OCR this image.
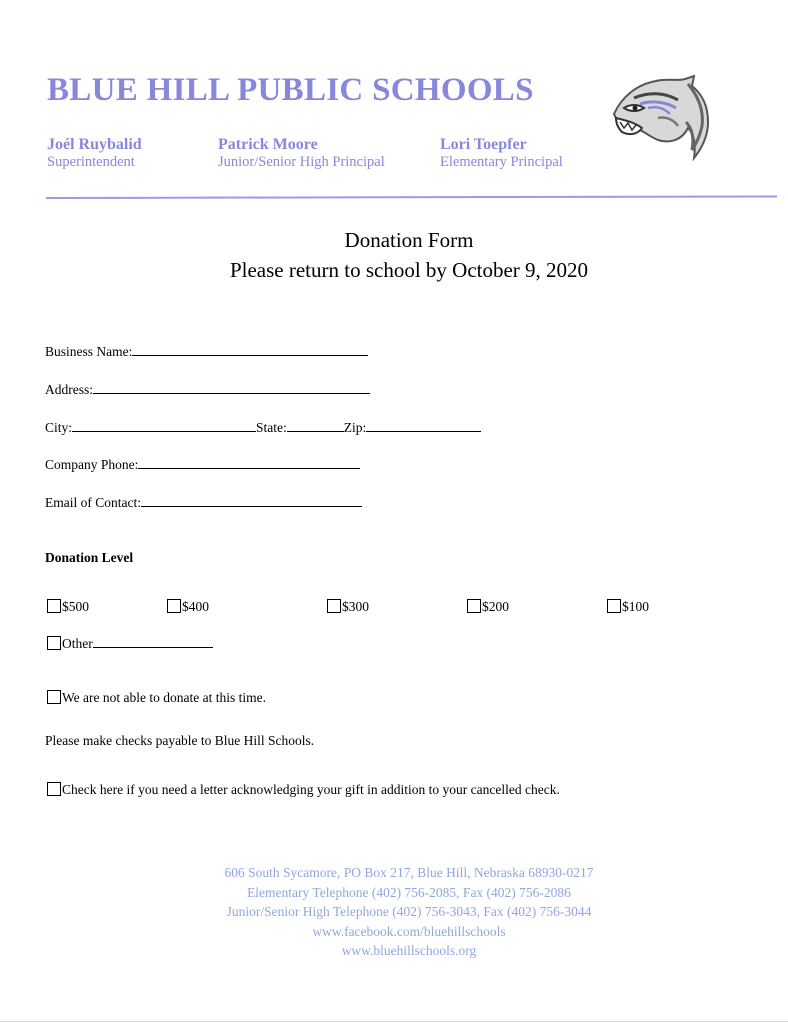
BLUE HILL PUBLIC SCHOOLS
Joél Ruybalid
Superintendent
Patrick Moore
Junior/Senior High Principal
Lori Toepfer
Elementary Principal
Donation Form
Please return to school by October 9, 2020
Business Name:
Address:
City:	State:	Zip:
Company Phone:
Email of Contact:
Donation Level
$500	$400	$300	$200	$100
Other
We are not able to donate at this time.
Please make checks payable to Blue Hill Schools.
Check here if you need a letter acknowledging your gift in addition to your cancelled check.
606 South Sycamore, PO Box 217, Blue Hill, Nebraska 68930-0217
Elementary Telephone (402) 756-2085, Fax (402) 756-2086
Junior/Senior High Telephone (402) 756-3043, Fax (402) 756-3044
www.facebook.com/bluehillschools
www.bluehillschools.org
